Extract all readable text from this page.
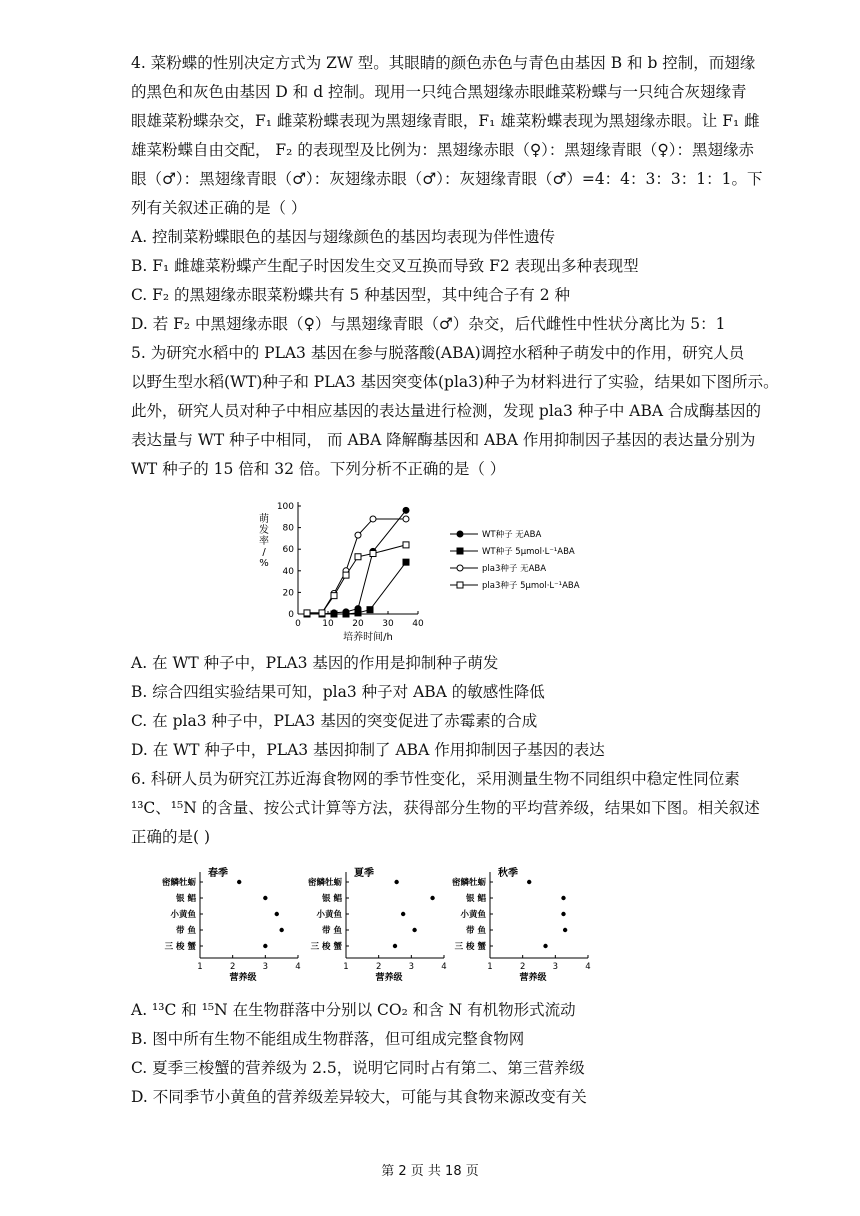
4. 菜粉蝶的性别决定方式为 ZW 型。其眼睛的颜色赤色与青色由基因 B 和 b 控制，而翅缘
的黑色和灰色由基因 D 和 d 控制。现用一只纯合黑翅缘赤眼雌菜粉蝶与一只纯合灰翅缘青
眼雄菜粉蝶杂交，F₁ 雌菜粉蝶表现为黑翅缘青眼，F₁ 雄菜粉蝶表现为黑翅缘赤眼。让 F₁ 雌
雄菜粉蝶自由交配， F₂ 的表现型及比例为：黑翅缘赤眼（♀）：黑翅缘青眼（♀）：黑翅缘赤
眼（♂）：黑翅缘青眼（♂）：灰翅缘赤眼（♂）：灰翅缘青眼（♂）=4：4：3：3：1：1。下
列有关叙述正确的是（ ）
A. 控制菜粉蝶眼色的基因与翅缘颜色的基因均表现为伴性遗传
B. F₁ 雌雄菜粉蝶产生配子时因发生交叉互换而导致 F2 表现出多种表现型
C. F₂ 的黑翅缘赤眼菜粉蝶共有 5 种基因型，其中纯合子有 2 种
D. 若 F₂ 中黑翅缘赤眼（♀）与黑翅缘青眼（♂）杂交，后代雌性中性状分离比为 5：1
5. 为研究水稻中的 PLA3 基因在参与脱落酸(ABA)调控水稻种子萌发中的作用，研究人员
以野生型水稻(WT)种子和 PLA3 基因突变体(pla3)种子为材料进行了实验，结果如下图所示。
此外，研究人员对种子中相应基因的表达量进行检测，发现 pla3 种子中 ABA 合成酶基因的
表达量与 WT 种子中相同， 而 ABA 降解酶基因和 ABA 作用抑制因子基因的表达量分别为
WT 种子的 15 倍和 32 倍。下列分析不正确的是（ ）
0
20
40
60
80
100
0 10 20 30 40
萌
发
率
/
%
培养时间/h
WT种子 无ABA
WT种子 5μmol·L⁻¹ABA
pla3种子 无ABA
pla3种子 5μmol·L⁻¹ABA
A. 在 WT 种子中，PLA3 基因的作用是抑制种子萌发
B. 综合四组实验结果可知，pla3 种子对 ABA 的敏感性降低
C. 在 pla3 种子中，PLA3 基因的突变促进了赤霉素的合成
D. 在 WT 种子中，PLA3 基因抑制了 ABA 作用抑制因子基因的表达
6. 科研人员为研究江苏近海食物网的季节性变化，采用测量生物不同组织中稳定性同位素
¹³C、¹⁵N 的含量、按公式计算等方法，获得部分生物的平均营养级，结果如下图。相关叙述
正确的是( )
春季
密鳞牡蛎
银 鲳
小黄鱼
带 鱼
三 梭 蟹
1	2	3	4
营养级
夏季
密鳞牡蛎
银 鲳
小黄鱼
带 鱼
三 梭 蟹
1	2	3	4
营养级
秋季
密鳞牡蛎
银 鲳
小黄鱼
带 鱼
三 梭 蟹
1	2	3	4
营养级
A. ¹³C 和 ¹⁵N 在生物群落中分别以 CO₂ 和含 N 有机物形式流动
B. 图中所有生物不能组成生物群落，但可组成完整食物网
C. 夏季三梭蟹的营养级为 2.5，说明它同时占有第二、第三营养级
D. 不同季节小黄鱼的营养级差异较大，可能与其食物来源改变有关
第 2 页 共 18 页
